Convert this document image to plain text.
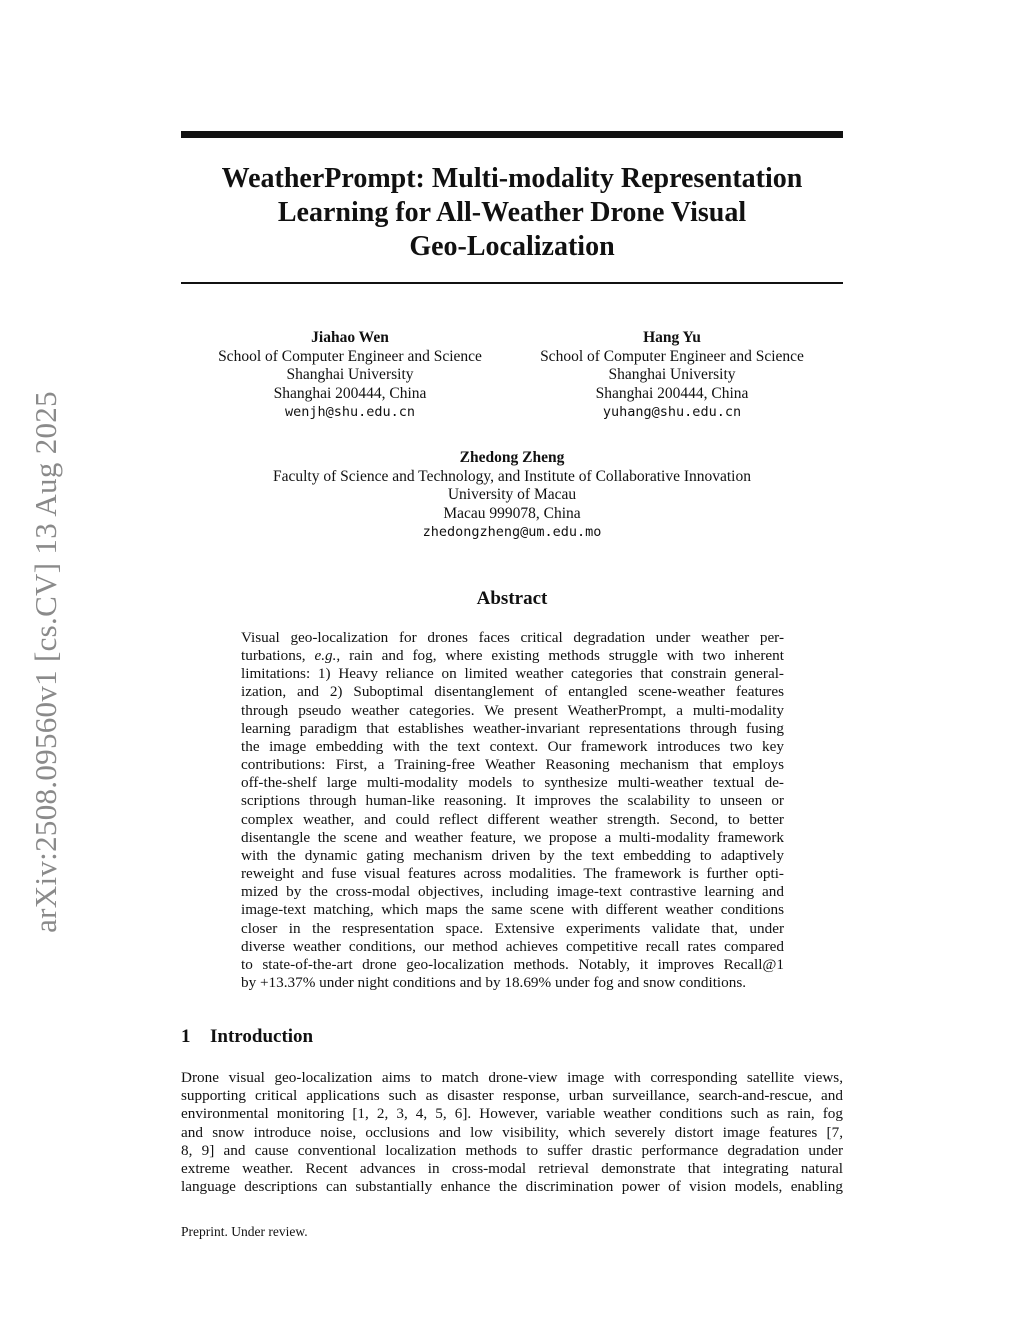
arXiv:2508.09560v1 [cs.CV] 13 Aug 2025
WeatherPrompt: Multi-modality Representation
Learning for All-Weather Drone Visual
Geo-Localization
Jiahao Wen
School of Computer Engineer and Science
Shanghai University
Shanghai 200444, China
wenjh@shu.edu.cn
Hang Yu
School of Computer Engineer and Science
Shanghai University
Shanghai 200444, China
yuhang@shu.edu.cn
Zhedong Zheng
Faculty of Science and Technology, and Institute of Collaborative Innovation
University of Macau
Macau 999078, China
zhedongzheng@um.edu.mo
Abstract
Visual geo-localization for drones faces critical degradation under weather per-
turbations, e.g., rain and fog, where existing methods struggle with two inherent
limitations: 1) Heavy reliance on limited weather categories that constrain general-
ization, and 2) Suboptimal disentanglement of entangled scene-weather features
through pseudo weather categories. We present WeatherPrompt, a multi-modality
learning paradigm that establishes weather-invariant representations through fusing
the image embedding with the text context. Our framework introduces two key
contributions: First, a Training-free Weather Reasoning mechanism that employs
off-the-shelf large multi-modality models to synthesize multi-weather textual de-
scriptions through human-like reasoning. It improves the scalability to unseen or
complex weather, and could reflect different weather strength. Second, to better
disentangle the scene and weather feature, we propose a multi-modality framework
with the dynamic gating mechanism driven by the text embedding to adaptively
reweight and fuse visual features across modalities. The framework is further opti-
mized by the cross-modal objectives, including image-text contrastive learning and
image-text matching, which maps the same scene with different weather conditions
closer in the respresentation space. Extensive experiments validate that, under
diverse weather conditions, our method achieves competitive recall rates compared
to state-of-the-art drone geo-localization methods. Notably, it improves Recall@1
by +13.37% under night conditions and by 18.69% under fog and snow conditions.
1 Introduction
Drone visual geo-localization aims to match drone-view image with corresponding satellite views,
supporting critical applications such as disaster response, urban surveillance, search-and-rescue, and
environmental monitoring [1, 2, 3, 4, 5, 6]. However, variable weather conditions such as rain, fog
and snow introduce noise, occlusions and low visibility, which severely distort image features [7,
8, 9] and cause conventional localization methods to suffer drastic performance degradation under
extreme weather. Recent advances in cross-modal retrieval demonstrate that integrating natural
language descriptions can substantially enhance the discrimination power of vision models, enabling
Preprint. Under review.
